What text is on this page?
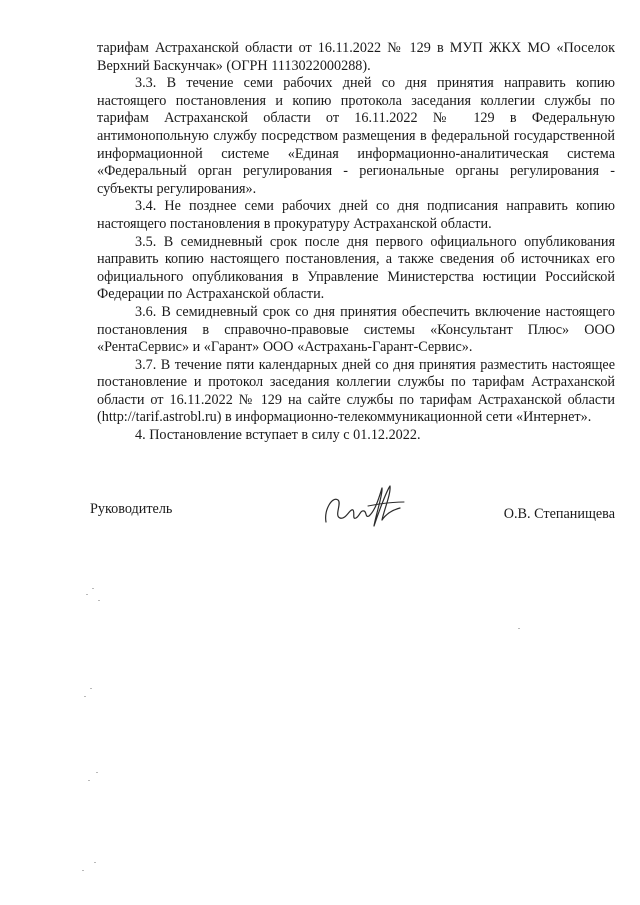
тарифам Астраханской области от 16.11.2022 № 129 в МУП ЖКХ МО «Поселок Верхний Баскунчак» (ОГРН 1113022000288).

3.3. В течение семи рабочих дней со дня принятия направить копию настоящего постановления и копию протокола заседания коллегии службы по тарифам Астраханской области от 16.11.2022 № 129 в Федеральную антимонопольную службу посредством размещения в федеральной государственной информационной системе «Единая информационно-аналитическая система «Федеральный орган регулирования - региональные органы регулирования - субъекты регулирования».

3.4. Не позднее семи рабочих дней со дня подписания направить копию настоящего постановления в прокуратуру Астраханской области.

3.5. В семидневный срок после дня первого официального опубликования направить копию настоящего постановления, а также сведения об источниках его официального опубликования в Управление Министерства юстиции Российской Федерации по Астраханской области.

3.6. В семидневный срок со дня принятия обеспечить включение настоящего постановления в справочно-правовые системы «Консультант Плюс» ООО «РентаСервис» и «Гарант» ООО «Астрахань-Гарант-Сервис».

3.7. В течение пяти календарных дней со дня принятия разместить настоящее постановление и протокол заседания коллегии службы по тарифам Астраханской области от 16.11.2022 № 129 на сайте службы по тарифам Астраханской области (http://tarif.astrobl.ru) в информационно-телекоммуникационной сети «Интернет».

4. Постановление вступает в силу с 01.12.2022.

Руководитель	О.В. Степанищева
